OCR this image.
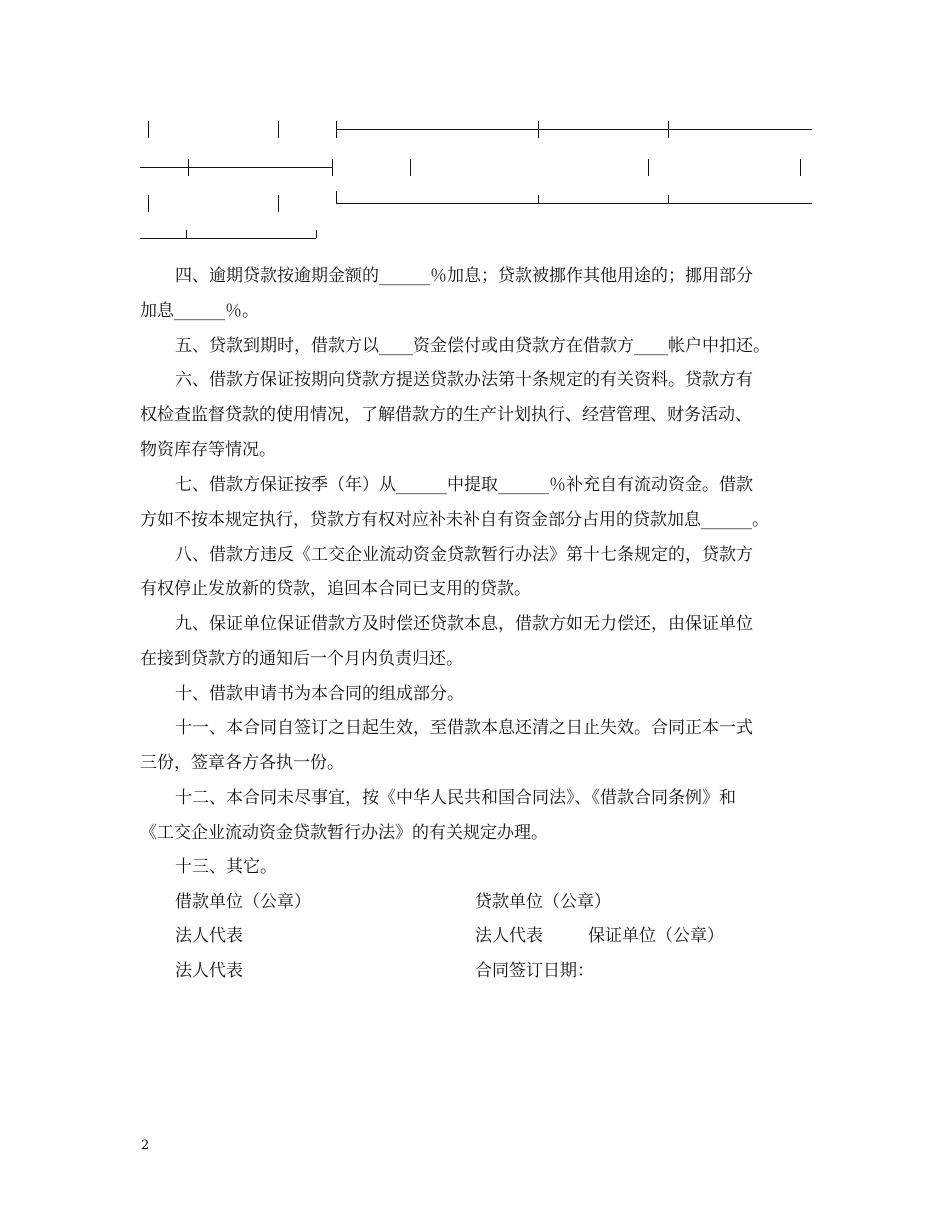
四、逾期贷款按逾期金额的______％加息；贷款被挪作其他用途的；挪用部分
加息______％。
五、贷款到期时，借款方以____资金偿付或由贷款方在借款方____帐户中扣还。
六、借款方保证按期向贷款方提送贷款办法第十条规定的有关资料。贷款方有
权检查监督贷款的使用情况，了解借款方的生产计划执行、经营管理、财务活动、
物资库存等情况。
七、借款方保证按季（年）从______中提取______％补充自有流动资金。借款
方如不按本规定执行，贷款方有权对应补未补自有资金部分占用的贷款加息______。
八、借款方违反《工交企业流动资金贷款暂行办法》第十七条规定的，贷款方
有权停止发放新的贷款，追回本合同已支用的贷款。
九、保证单位保证借款方及时偿还贷款本息，借款方如无力偿还，由保证单位
在接到贷款方的通知后一个月内负责归还。
十、借款申请书为本合同的组成部分。
十一、本合同自签订之日起生效，至借款本息还清之日止失效。合同正本一式
三份，签章各方各执一份。
十二、本合同未尽事宜，按《中华人民共和国合同法》、《借款合同条例》和
《工交企业流动资金贷款暂行办法》的有关规定办理。
十三、其它。
借款单位（公章）	贷款单位（公章）
法人代表	法人代表	保证单位（公章）
法人代表	合同签订日期：
2
